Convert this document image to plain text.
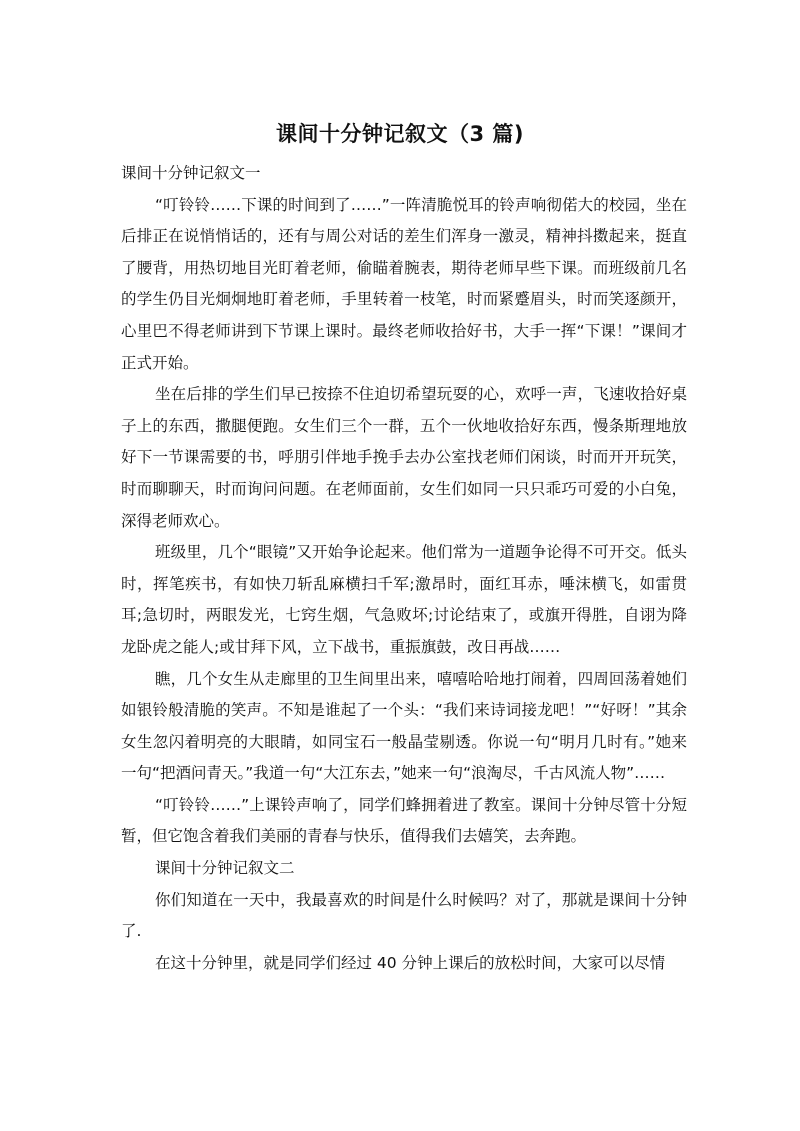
课间十分钟记叙文（3 篇)

课间十分钟记叙文一

“叮铃铃……下课的时间到了……”一阵清脆悦耳的铃声响彻偌大的校园，坐在后排正在说悄悄话的，还有与周公对话的差生们浑身一激灵，精神抖擞起来，挺直了腰背，用热切地目光盯着老师，偷瞄着腕表，期待老师早些下课。而班级前几名的学生仍目光炯炯地盯着老师，手里转着一枝笔，时而紧蹙眉头，时而笑逐颜开，心里巴不得老师讲到下节课上课时。最终老师收拾好书，大手一挥“下课！”课间才正式开始。

坐在后排的学生们早已按捺不住迫切希望玩耍的心，欢呼一声，飞速收拾好桌子上的东西，撒腿便跑。女生们三个一群，五个一伙地收拾好东西，慢条斯理地放好下一节课需要的书，呼朋引伴地手挽手去办公室找老师们闲谈，时而开开玩笑，时而聊聊天，时而询问问题。在老师面前，女生们如同一只只乖巧可爱的小白兔，深得老师欢心。

班级里，几个“眼镜”又开始争论起来。他们常为一道题争论得不可开交。低头时，挥笔疾书，有如快刀斩乱麻横扫千军;激昂时，面红耳赤，唾沫横飞，如雷贯耳;急切时，两眼发光，七窍生烟，气急败坏;讨论结束了，或旗开得胜，自诩为降龙卧虎之能人;或甘拜下风，立下战书，重振旗鼓，改日再战……

瞧，几个女生从走廊里的卫生间里出来，嘻嘻哈哈地打闹着，四周回荡着她们如银铃般清脆的笑声。不知是谁起了一个头：“我们来诗词接龙吧！”“好呀！”其余女生忽闪着明亮的大眼睛，如同宝石一般晶莹剔透。你说一句“明月几时有。”她来一句“把酒问青天。”我道一句“大江东去，”她来一句“浪淘尽，千古风流人物”……

“叮铃铃……”上课铃声响了，同学们蜂拥着进了教室。课间十分钟尽管十分短暂，但它饱含着我们美丽的青春与快乐，值得我们去嬉笑，去奔跑。

课间十分钟记叙文二

你们知道在一天中，我最喜欢的时间是什么时候吗？对了，那就是课间十分钟了.

在这十分钟里，就是同学们经过 40 分钟上课后的放松时间，大家可以尽情
